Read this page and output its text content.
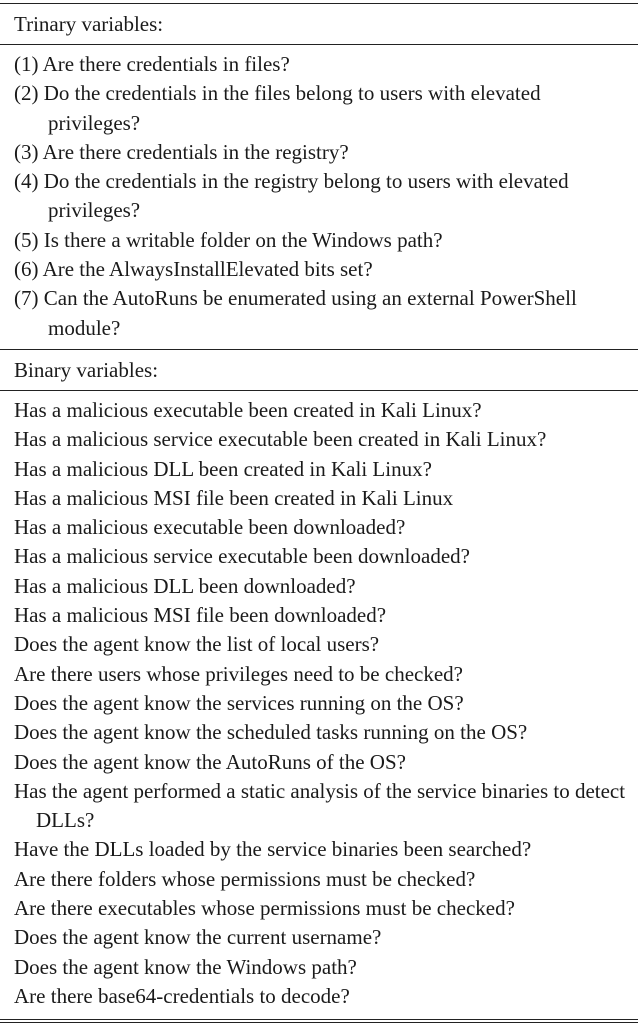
Trinary variables:
(1) Are there credentials in files?
(2) Do the credentials in the files belong to users with elevated privileges?
(3) Are there credentials in the registry?
(4) Do the credentials in the registry belong to users with elevated privileges?
(5) Is there a writable folder on the Windows path?
(6) Are the AlwaysInstallElevated bits set?
(7) Can the AutoRuns be enumerated using an external PowerShell module?
Binary variables:
Has a malicious executable been created in Kali Linux?
Has a malicious service executable been created in Kali Linux?
Has a malicious DLL been created in Kali Linux?
Has a malicious MSI file been created in Kali Linux
Has a malicious executable been downloaded?
Has a malicious service executable been downloaded?
Has a malicious DLL been downloaded?
Has a malicious MSI file been downloaded?
Does the agent know the list of local users?
Are there users whose privileges need to be checked?
Does the agent know the services running on the OS?
Does the agent know the scheduled tasks running on the OS?
Does the agent know the AutoRuns of the OS?
Has the agent performed a static analysis of the service binaries to detect DLLs?
Have the DLLs loaded by the service binaries been searched?
Are there folders whose permissions must be checked?
Are there executables whose permissions must be checked?
Does the agent know the current username?
Does the agent know the Windows path?
Are there base64-credentials to decode?
